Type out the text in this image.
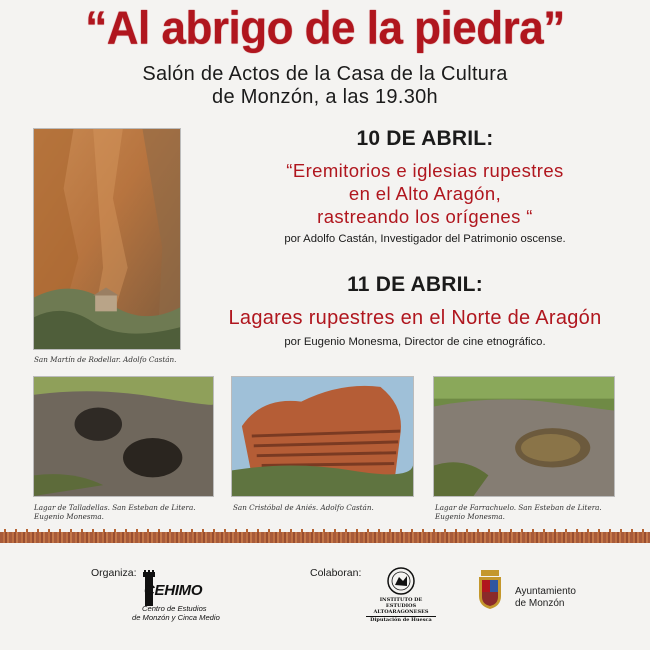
“Al abrigo de la piedra”
Salón de Actos de la Casa de la Cultura
de Monzón, a las 19.30h
San Martín de Rodellar. Adolfo Castán.
10 DE ABRIL:
“Eremitorios e iglesias rupestres
en el Alto Aragón,
rastreando los orígenes “
por Adolfo Castán, Investigador del Patrimonio oscense.
11 DE ABRIL:
Lagares rupestres en el Norte de Aragón
por Eugenio Monesma, Director de cine etnográfico.
Lagar de Talladellas. San Esteban de Litera.
Eugenio Monesma.
San Cristóbal de Aniés. Adolfo Castán.	Lagar de Farrachuelo. San Esteban de Litera.
Eugenio Monesma.
Organiza:
CEHIMO
Centro de Estudios
de Monzón y Cinca Medio
Colaboran:
INSTITUTO DE ESTUDIOS
ALTOARAGONESES
Diputación de Huesca
Ayuntamiento
de Monzón
